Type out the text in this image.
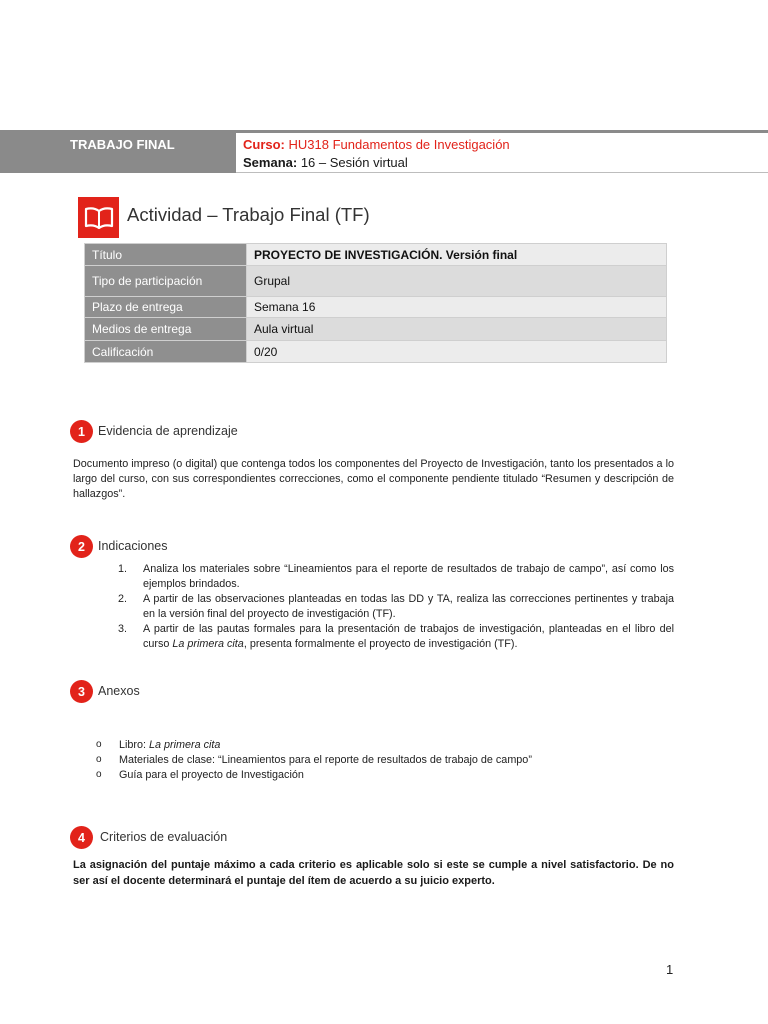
TRABAJO FINAL	Curso: HU318 Fundamentos de Investigación
Semana: 16 – Sesión virtual
Actividad – Trabajo Final (TF)
Título	PROYECTO DE INVESTIGACIÓN. Versión final
Tipo de participación	Grupal
Plazo de entrega	Semana 16
Medios de entrega	Aula virtual
Calificación	0/20
1	Evidencia de aprendizaje
Documento impreso (o digital) que contenga todos los componentes del Proyecto de Investigación, tanto los presentados a lo largo del curso, con sus correspondientes correcciones, como el componente pendiente titulado “Resumen y descripción de hallazgos”.
2	Indicaciones
1. Analiza los materiales sobre “Lineamientos para el reporte de resultados de trabajo de campo”, así como los ejemplos brindados.
2. A partir de las observaciones planteadas en todas las DD y TA, realiza las correcciones pertinentes y trabaja en la versión final del proyecto de investigación (TF).
3. A partir de las pautas formales para la presentación de trabajos de investigación, planteadas en el libro del curso La primera cita, presenta formalmente el proyecto de investigación (TF).
3	Anexos
o Libro: La primera cita
o Materiales de clase: “Lineamientos para el reporte de resultados de trabajo de campo”
o Guía para el proyecto de Investigación
4	Criterios de evaluación
La asignación del puntaje máximo a cada criterio es aplicable solo si este se cumple a nivel satisfactorio. De no ser así el docente determinará el puntaje del ítem de acuerdo a su juicio experto.
1
